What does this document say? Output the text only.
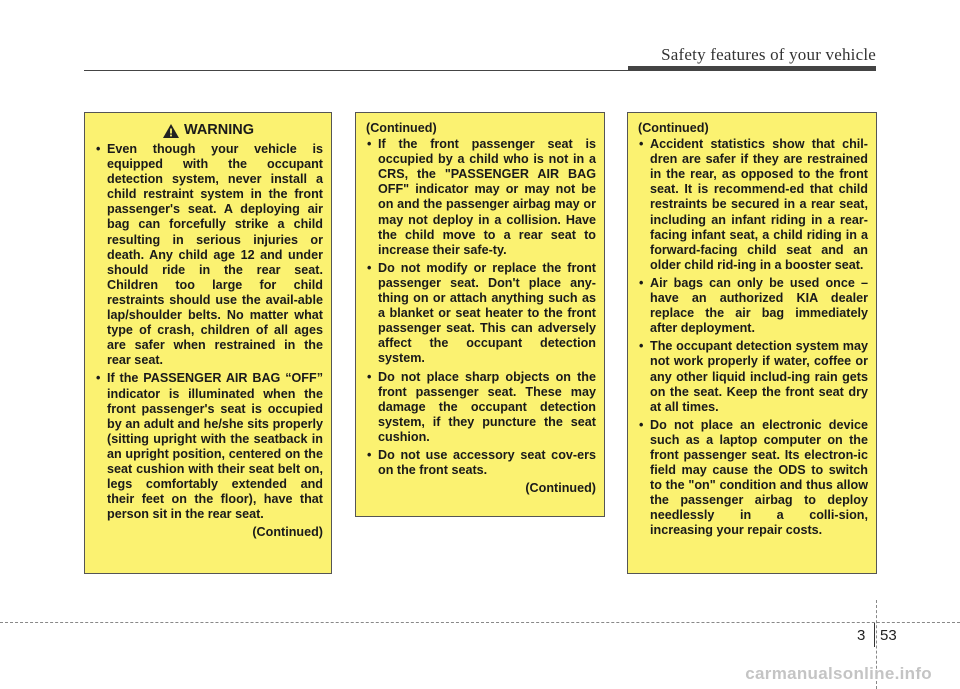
Safety features of your vehicle
WARNING
• Even though your vehicle is equipped with the occupant detection system, never install a child restraint system in the front passenger's seat. A deploying air bag can forcefully strike a child resulting in serious injuries or death. Any child age 12 and under should ride in the rear seat. Children too large for child restraints should use the avail-able lap/shoulder belts. No matter what type of crash, children of all ages are safer when restrained in the rear seat.
• If the PASSENGER AIR BAG “OFF” indicator is illuminated when the front passenger's seat is occupied by an adult and he/she sits properly (sitting upright with the seatback in an upright position, centered on the seat cushion with their seat belt on, legs comfortably extended and their feet on the floor), have that person sit in the rear seat.
(Continued)
(Continued)
• If the front passenger seat is occupied by a child who is not in a CRS, the "PASSENGER AIR BAG OFF" indicator may or may not be on and the passenger airbag may or may not deploy in a collision. Have the child move to a rear seat to increase their safe-ty.
• Do not modify or replace the front passenger seat. Don't place any-thing on or attach anything such as a blanket or seat heater to the front passenger seat. This can adversely affect the occupant detection system.
• Do not place sharp objects on the front passenger seat. These may damage the occupant detection system, if they puncture the seat cushion.
• Do not use accessory seat cov-ers on the front seats.
(Continued)
(Continued)
• Accident statistics show that chil-dren are safer if they are restrained in the rear, as opposed to the front seat. It is recommend-ed that child restraints be secured in a rear seat, including an infant riding in a rear-facing infant seat, a child riding in a forward-facing child seat and an older child rid-ing in a booster seat.
• Air bags can only be used once – have an authorized KIA dealer replace the air bag immediately after deployment.
• The occupant detection system may not work properly if water, coffee or any other liquid includ-ing rain gets on the seat. Keep the front seat dry at all times.
• Do not place an electronic device such as a laptop computer on the front passenger seat. Its electron-ic field may cause the ODS to switch to the "on" condition and thus allow the passenger airbag to deploy needlessly in a colli-sion, increasing your repair costs.
3 53
carmanualsonline.info
